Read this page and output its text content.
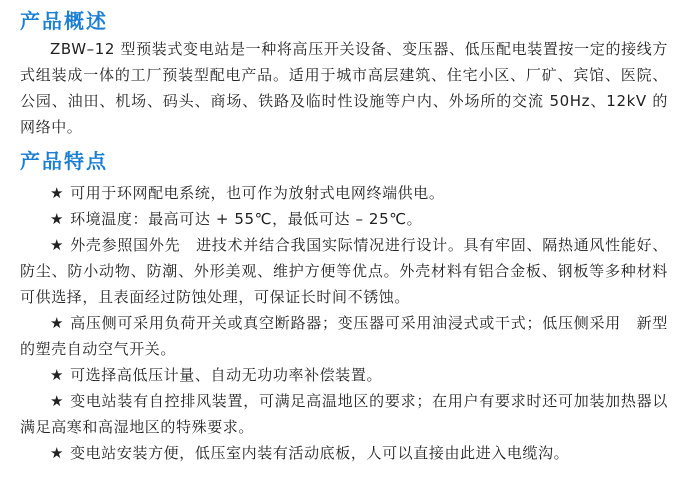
产品概述

ZBW–12 型预装式变电站是一种将高压开关设备、变压器、低压配电装置按一定的接线方式组装成一体的工厂预装型配电产品。适用于城市高层建筑、住宅小区、厂矿、宾馆、医院、公园、油田、机场、码头、商场、铁路及临时性设施等户内、外场所的交流 50Hz、12kV 的网络中。

产品特点
★ 可用于环网配电系统，也可作为放射式电网终端供电。
★ 环境温度：最高可达 + 55℃，最低可达 – 25℃。
★ 外壳参照国外先　进技术并结合我国实际情况进行设计。具有牢固、隔热通风性能好、防尘、防小动物、防潮、外形美观、维护方便等优点。外壳材料有铝合金板、钢板等多种材料可供选择，且表面经过防蚀处理，可保证长时间不锈蚀。
★ 高压侧可采用负荷开关或真空断路器；变压器可采用油浸式或干式；低压侧采用　新型的塑壳自动空气开关。
★ 可选择高低压计量、自动无功功率补偿装置。
★ 变电站装有自控排风装置，可满足高温地区的要求；在用户有要求时还可加装加热器以满足高寒和高湿地区的特殊要求。
★ 变电站安装方便，低压室内装有活动底板，人可以直接由此进入电缆沟。
